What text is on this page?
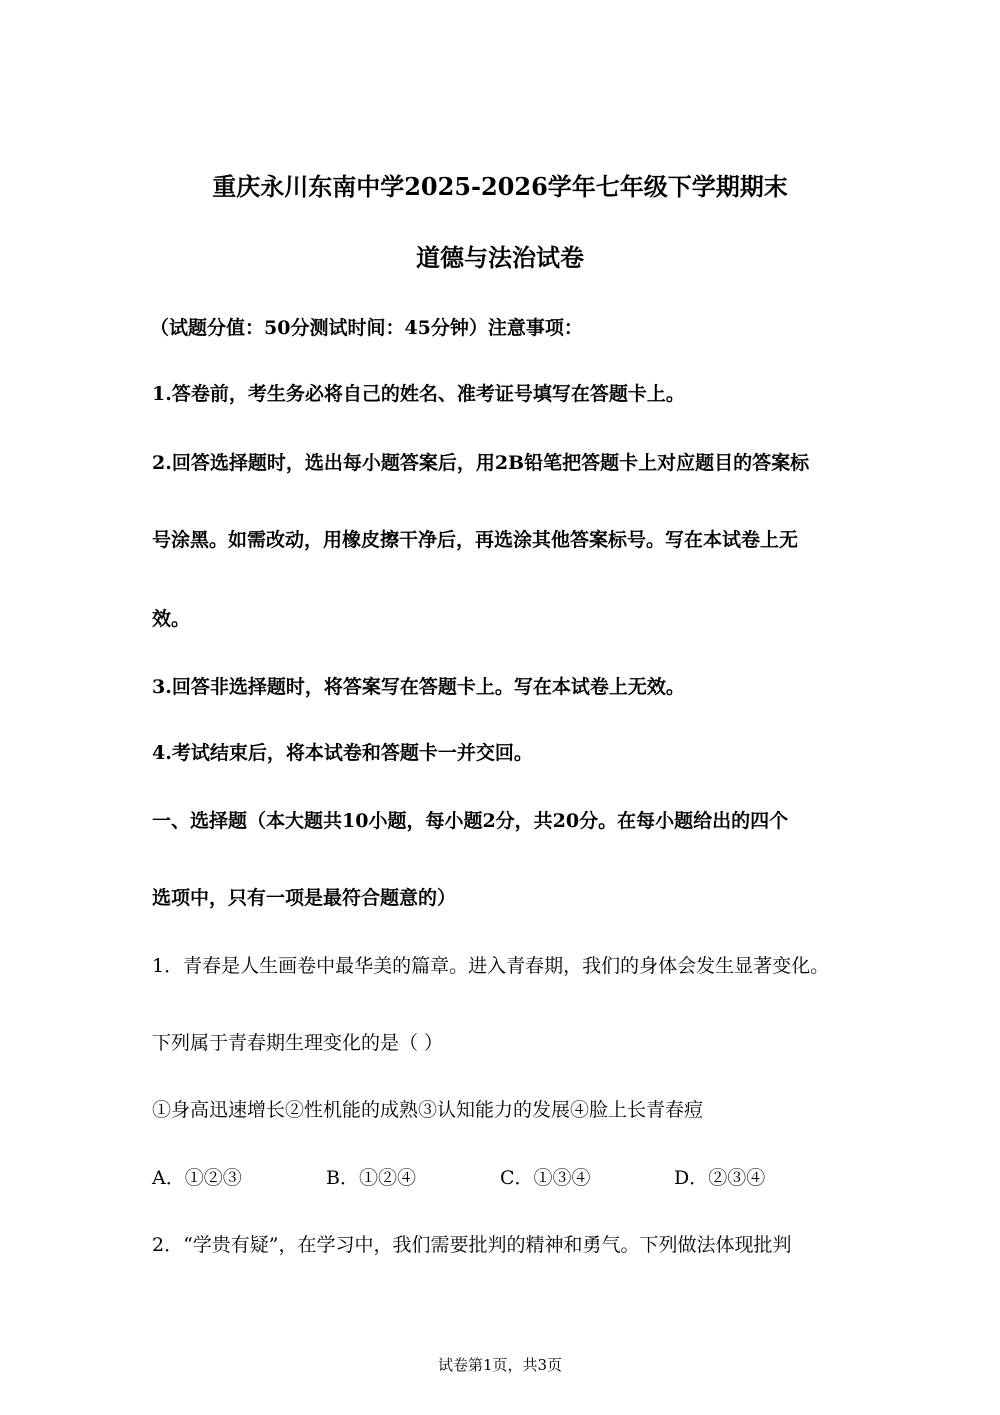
重庆永川东南中学2025-2026学年七年级下学期期末
道德与法治试卷
（试题分值：50分测试时间：45分钟）注意事项：
1.答卷前，考生务必将自己的姓名、准考证号填写在答题卡上。
2.回答选择题时，选出每小题答案后，用2B铅笔把答题卡上对应题目的答案标
号涂黑。如需改动，用橡皮擦干净后，再选涂其他答案标号。写在本试卷上无
效。
3.回答非选择题时，将答案写在答题卡上。写在本试卷上无效。
4.考试结束后，将本试卷和答题卡一并交回。
一、选择题（本大题共10小题，每小题2分，共20分。在每小题给出的四个
选项中，只有一项是最符合题意的）
1．青春是人生画卷中最华美的篇章。进入青春期，我们的身体会发生显著变化。
下列属于青春期生理变化的是（ ）
①身高迅速增长②性机能的成熟③认知能力的发展④脸上长青春痘
A．①②③	B．①②④	C．①③④	D．②③④
2．“学贵有疑”，在学习中，我们需要批判的精神和勇气。下列做法体现批判
试卷第1页，共3页
